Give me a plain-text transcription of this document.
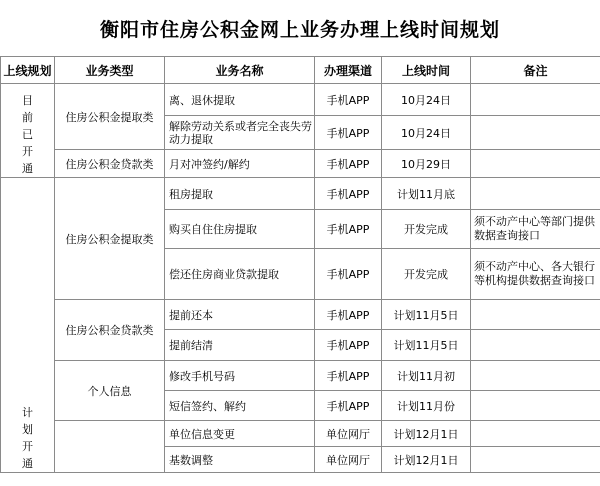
衡阳市住房公积金网上业务办理上线时间规划
上线规划	业务类型	业务名称	办理渠道	上线时间	备注
目
前
已
开
通	住房公积金提取类	离、退休提取	手机APP	10月24日	
		解除劳动关系或者完全丧失劳动力提取	手机APP	10月24日	
	住房公积金贷款类	月对冲签约/解约	手机APP	10月29日	
计
划
开
通	住房公积金提取类	租房提取	手机APP	计划11月底	
		购买自住住房提取	手机APP	开发完成	须不动产中心等部门提供数据查询接口
		偿还住房商业贷款提取	手机APP	开发完成	须不动产中心、各大银行等机构提供数据查询接口
	住房公积金贷款类	提前还本	手机APP	计划11月5日	
		提前结清	手机APP	计划11月5日	
	个人信息	修改手机号码	手机APP	计划11月初	
		短信签约、解约	手机APP	计划11月份	
		单位信息变更	单位网厅	计划12月1日	
		基数调整	单位网厅	计划12月1日	
